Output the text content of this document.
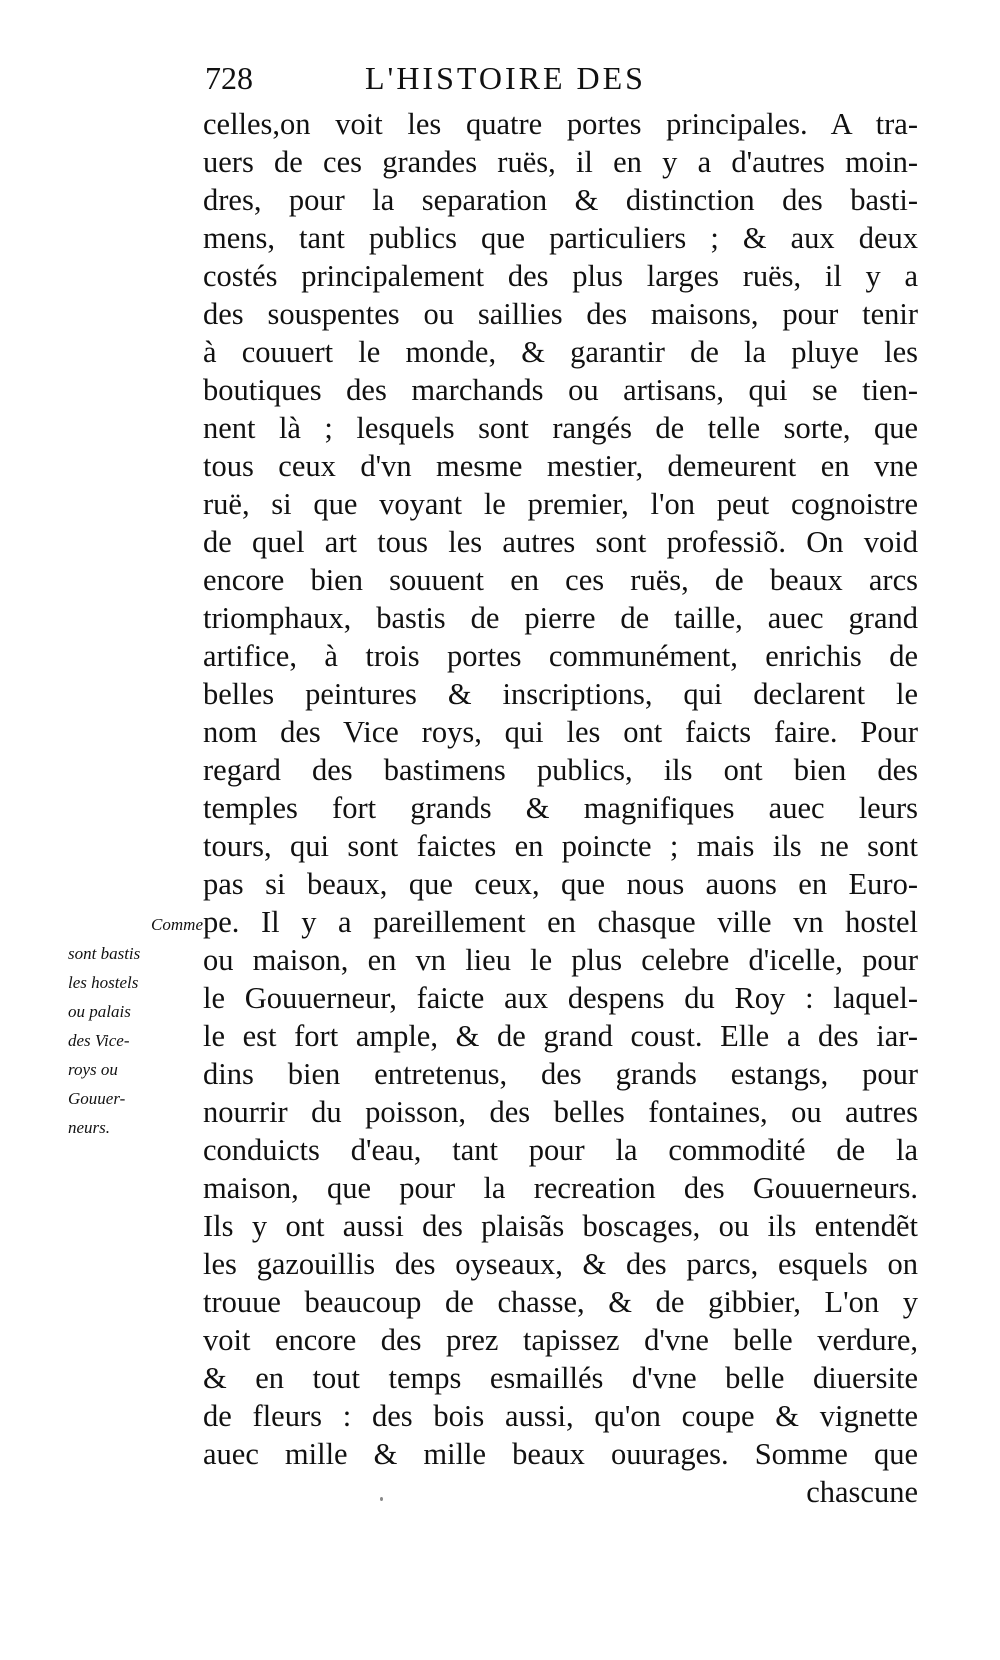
728	L'HISTOIRE DES
celles,on voit les quatre portes principales. A tra-
uers de ces grandes ruës, il en y a d'autres moin-
dres, pour la separation & distinction des basti-
mens, tant publics que particuliers ; & aux deux
costés principalement des plus larges ruës, il y a
des souspentes ou saillies des maisons, pour tenir
à couuert le monde, & garantir de la pluye les
boutiques des marchands ou artisans, qui se tien-
nent là ; lesquels sont rangés de telle sorte, que
tous ceux d'vn mesme mestier, demeurent en vne
ruë, si que voyant le premier, l'on peut cognoistre
de quel art tous les autres sont professiõ. On void
encore bien souuent en ces ruës, de beaux arcs
triomphaux, bastis de pierre de taille, auec grand
artifice, à trois portes communément, enrichis de
belles peintures & inscriptions, qui declarent le
nom des Vice roys, qui les ont faicts faire. Pour
regard des bastimens publics, ils ont bien des
temples fort grands & magnifiques auec leurs
tours, qui sont faictes en poincte ; mais ils ne sont
pas si beaux, que ceux, que nous auons en Euro-
pe. Il y a pareillement en chasque ville vn hostel
ou maison, en vn lieu le plus celebre d'icelle, pour
le Gouuerneur, faicte aux despens du Roy : laquel-
le est fort ample, & de grand coust. Elle a des iar-
dins bien entretenus, des grands estangs, pour
nourrir du poisson, des belles fontaines, ou autres
conduicts d'eau, tant pour la commodité de la
maison, que pour la recreation des Gouuerneurs.
Ils y ont aussi des plaisãs boscages, ou ils entendẽt
les gazouillis des oyseaux, & des parcs, esquels on
trouue beaucoup de chasse, & de gibbier, L'on y
voit encore des prez tapissez d'vne belle verdure,
& en tout temps esmaillés d'vne belle diuersite
de fleurs : des bois aussi, qu'on coupe & vignette
auec mille & mille beaux ouurages. Somme que
chascune
Comme
sont bastis
les hostels
ou palais
des Vice-
roys ou
Gouuer-
neurs.
